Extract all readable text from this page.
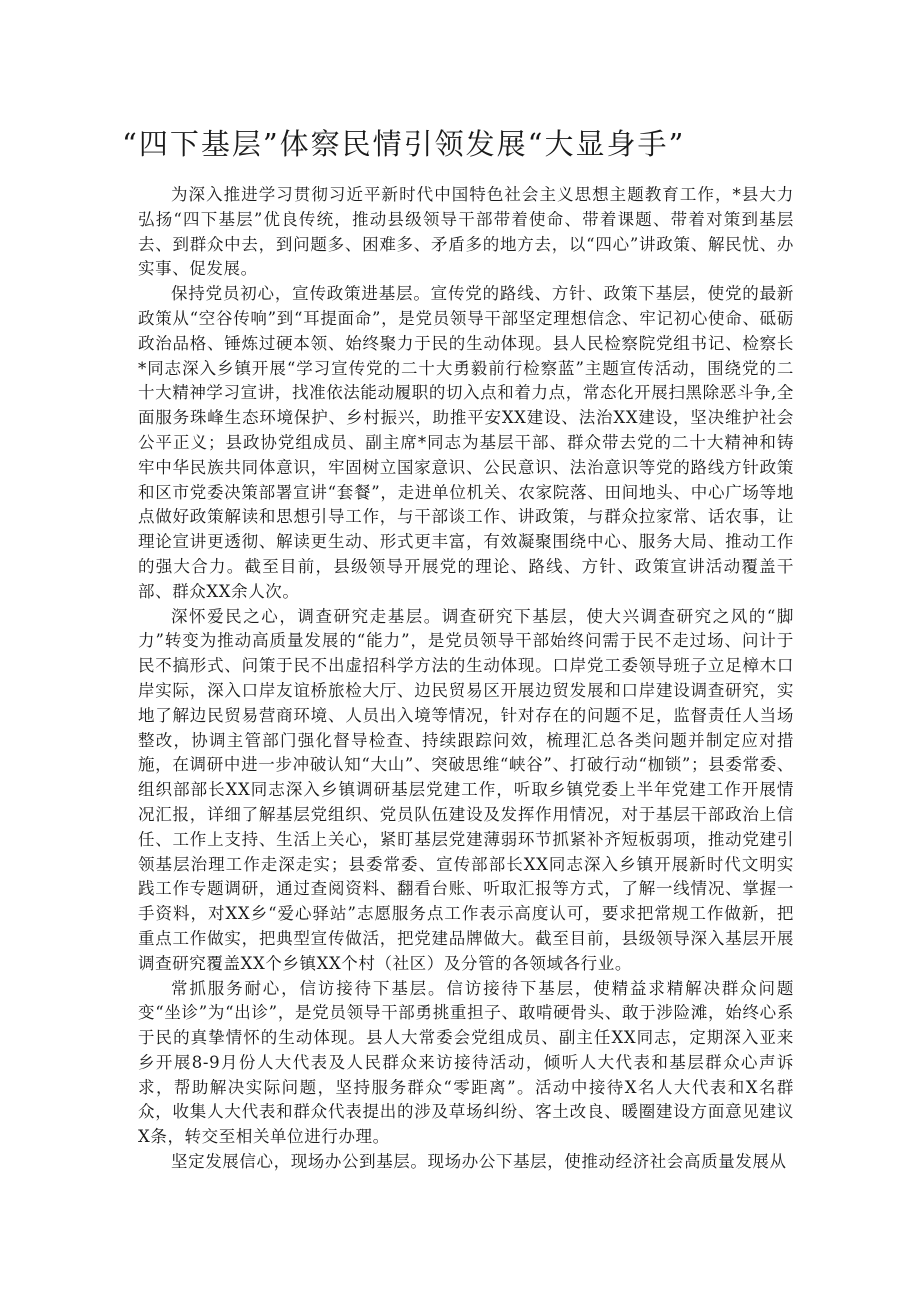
“四下基层”体察民情引领发展“大显身手”

为深入推进学习贯彻习近平新时代中国特色社会主义思想主题教育工作，*县大力弘扬“四下基层”优良传统，推动县级领导干部带着使命、带着课题、带着对策到基层去、到群众中去，到问题多、困难多、矛盾多的地方去，以“四心”讲政策、解民忧、办实事、促发展。

保持党员初心，宣传政策进基层。宣传党的路线、方针、政策下基层，使党的最新政策从“空谷传响”到“耳提面命”，是党员领导干部坚定理想信念、牢记初心使命、砥砺政治品格、锤炼过硬本领、始终聚力于民的生动体现。县人民检察院党组书记、检察长*同志深入乡镇开展“学习宣传党的二十大勇毅前行检察蓝”主题宣传活动，围绕党的二十大精神学习宣讲，找准依法能动履职的切入点和着力点，常态化开展扫黑除恶斗争,全面服务珠峰生态环境保护、乡村振兴，助推平安XX建设、法治XX建设，坚决维护社会公平正义；县政协党组成员、副主席*同志为基层干部、群众带去党的二十大精神和铸牢中华民族共同体意识，牢固树立国家意识、公民意识、法治意识等党的路线方针政策和区市党委决策部署宣讲“套餐”，走进单位机关、农家院落、田间地头、中心广场等地点做好政策解读和思想引导工作，与干部谈工作、讲政策，与群众拉家常、话农事，让理论宣讲更透彻、解读更生动、形式更丰富，有效凝聚围绕中心、服务大局、推动工作的强大合力。截至目前，县级领导开展党的理论、路线、方针、政策宣讲活动覆盖干部、群众XX余人次。

深怀爱民之心，调查研究走基层。调查研究下基层，使大兴调查研究之风的“脚力”转变为推动高质量发展的“能力”，是党员领导干部始终问需于民不走过场、问计于民不搞形式、问策于民不出虚招科学方法的生动体现。口岸党工委领导班子立足樟木口岸实际，深入口岸友谊桥旅检大厅、边民贸易区开展边贸发展和口岸建设调查研究，实地了解边民贸易营商环境、人员出入境等情况，针对存在的问题不足，监督责任人当场整改，协调主管部门强化督导检查、持续跟踪问效，梳理汇总各类问题并制定应对措施，在调研中进一步冲破认知“大山”、突破思维“峡谷”、打破行动“枷锁”；县委常委、组织部部长XX同志深入乡镇调研基层党建工作，听取乡镇党委上半年党建工作开展情况汇报，详细了解基层党组织、党员队伍建设及发挥作用情况，对于基层干部政治上信任、工作上支持、生活上关心，紧盯基层党建薄弱环节抓紧补齐短板弱项，推动党建引领基层治理工作走深走实；县委常委、宣传部部长XX同志深入乡镇开展新时代文明实践工作专题调研，通过查阅资料、翻看台账、听取汇报等方式，了解一线情况、掌握一手资料，对XX乡“爱心驿站”志愿服务点工作表示高度认可，要求把常规工作做新，把重点工作做实，把典型宣传做活，把党建品牌做大。截至目前，县级领导深入基层开展调查研究覆盖XX个乡镇XX个村（社区）及分管的各领域各行业。

常抓服务耐心，信访接待下基层。信访接待下基层，使精益求精解决群众问题变“坐诊”为“出诊”，是党员领导干部勇挑重担子、敢啃硬骨头、敢于涉险滩，始终心系于民的真挚情怀的生动体现。县人大常委会党组成员、副主任XX同志，定期深入亚来乡开展8-9月份人大代表及人民群众来访接待活动，倾听人大代表和基层群众心声诉求，帮助解决实际问题，坚持服务群众“零距离”。活动中接待X名人大代表和X名群众，收集人大代表和群众代表提出的涉及草场纠纷、客土改良、暖圈建设方面意见建议X条，转交至相关单位进行办理。

坚定发展信心，现场办公到基层。现场办公下基层，使推动经济社会高质量发展从
